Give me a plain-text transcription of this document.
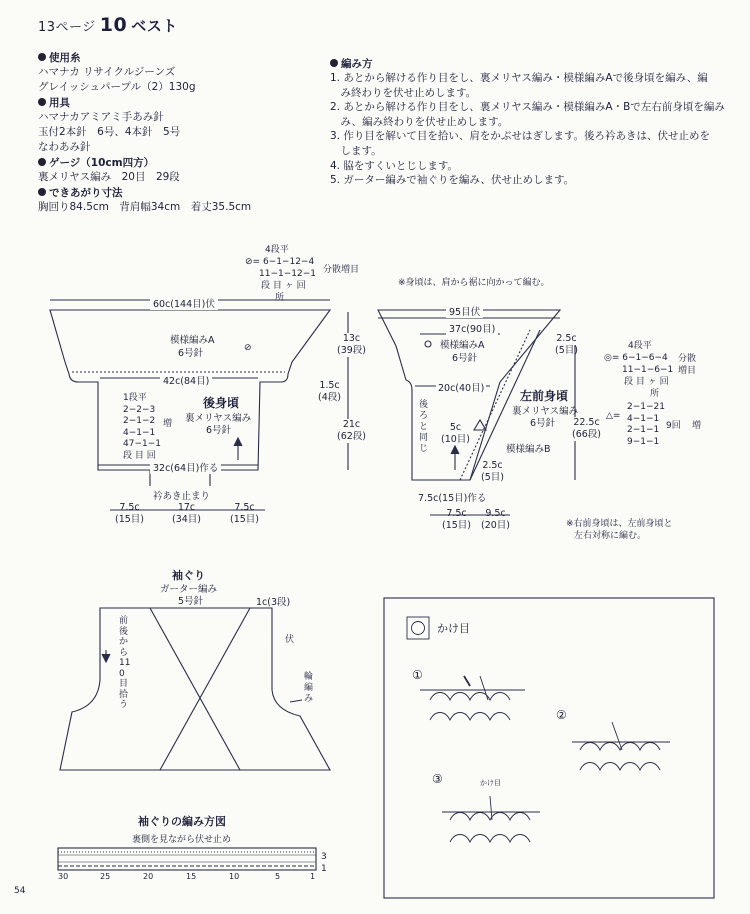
13ページ 10 ベスト
使用糸
ハマナカ リサイクルジーンズ
グレイッシュパープル（2）130g
用具
ハマナカアミアミ手あみ針
玉付2本針　6号、4本針　5号
なわあみ針
ゲージ（10cm四方）
裏メリヤス編み　20目　29段
できあがり寸法
胸回り84.5cm　背肩幅34cm　着丈35.5cm
編み方
1. あとから解ける作り目をし、裏メリヤス編み・模様編みAで後身頃を編み、編
　み終わりを伏せ止めします。
2. あとから解ける作り目をし、裏メリヤス編み・模様編みA・Bで左右前身頃を編み
　み、編み終わりを伏せ止めします。
3. 作り目を解いて目を拾い、肩をかぶせはぎします。後ろ衿あきは、伏せ止めを
　します。
4. 脇をすくいとじします。
5. ガーター編みで袖ぐりを編み、伏せ止めします。
4段平
⊘= 6−1−12−4
11−1−12−1
段 目 ヶ 回
所
分散増目
60c(144目)伏
模様編みA
6号針	⊘
42c(84目)
後身頃
裏メリヤス編み
6号針
1段平
2−2−3
2−1−2
4−1−1
47−1−1
段 目 回
増
32c(64目)作る
衿あき止まり
7.5c
(15目)
17c
(34目)
7.5c
(15目)
13c
(39段)
1.5c
(4段)
21c
(62段)
※身頃は、肩から裾に向かって編む。
95目伏
37c(90目)
模様編みA
6号針
2.5c
(5目)
20c(40目)
左前身頃
裏メリヤス編み
6号針
後ろと同じ
5c
(10目)
模様編みB
2.5c
(5目)
7.5c(15目)作る
7.5c
(15目)
9.5c
(20目)
22.5c
(66段)
4段平
◎= 6−1−6−4
11−1−6−1
段 目 ヶ 回
所
分散
増目
△=
2−1−21
4−1−1
2−1−1
9−1−1
9回 増
※右前身頃は、左前身頃と
左右対称に編む。
袖ぐり
ガーター編み
5号針	1c(3段)
伏
前後から110目拾う
輪編み
袖ぐりの編み方図
裏側を見ながら伏せ止め
3
1
30	25	20	15	10	5	1
かけ目
①
②
③	かけ目
54
